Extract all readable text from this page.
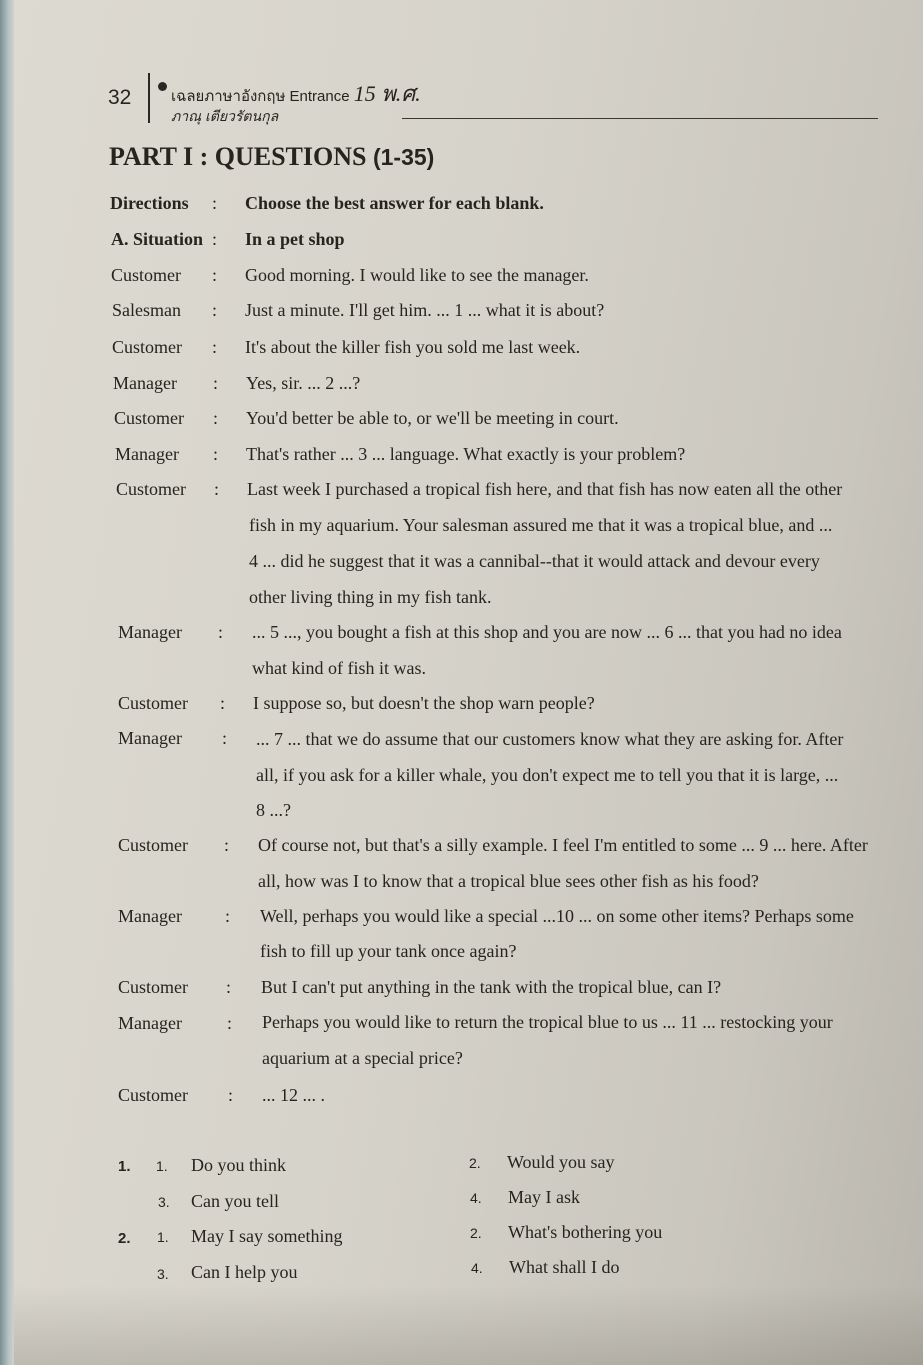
32	เฉลยภาษาอังกฤษ Entrance 15 พ.ศ.
ภาณุ เตียวรัตนกุล
PART I : QUESTIONS (1-35)
Directions : Choose the best answer for each blank.
A. Situation : In a pet shop
Customer : Good morning. I would like to see the manager.
Salesman : Just a minute. I'll get him. ... 1 ... what it is about?
Customer : It's about the killer fish you sold me last week.
Manager : Yes, sir. ... 2 ...?
Customer : You'd better be able to, or we'll be meeting in court.
Manager : That's rather ... 3 ... language. What exactly is your problem?
Customer : Last week I purchased a tropical fish here, and that fish has now eaten all the other
fish in my aquarium. Your salesman assured me that it was a tropical blue, and ...
4 ... did he suggest that it was a cannibal--that it would attack and devour every
other living thing in my fish tank.
Manager : ... 5 ..., you bought a fish at this shop and you are now ... 6 ... that you had no idea
what kind of fish it was.
Customer : I suppose so, but doesn't the shop warn people?
Manager : ... 7 ... that we do assume that our customers know what they are asking for. After
all, if you ask for a killer whale, you don't expect me to tell you that it is large, ...
8 ...?
Customer : Of course not, but that's a silly example. I feel I'm entitled to some ... 9 ... here. After
all, how was I to know that a tropical blue sees other fish as his food?
Manager : Well, perhaps you would like a special ...10 ... on some other items? Perhaps some
fish to fill up your tank once again?
Customer : But I can't put anything in the tank with the tropical blue, can I?
Manager	: Perhaps you would like to return the tropical blue to us ... 11 ... restocking your
aquarium at a special price?
Customer : ... 12 ... .
1. 1. Do you think	2. Would you say
3. Can you tell	4. May I ask
2. 1. May I say something	2. What's bothering you
3. Can I help you	4. What shall I do
